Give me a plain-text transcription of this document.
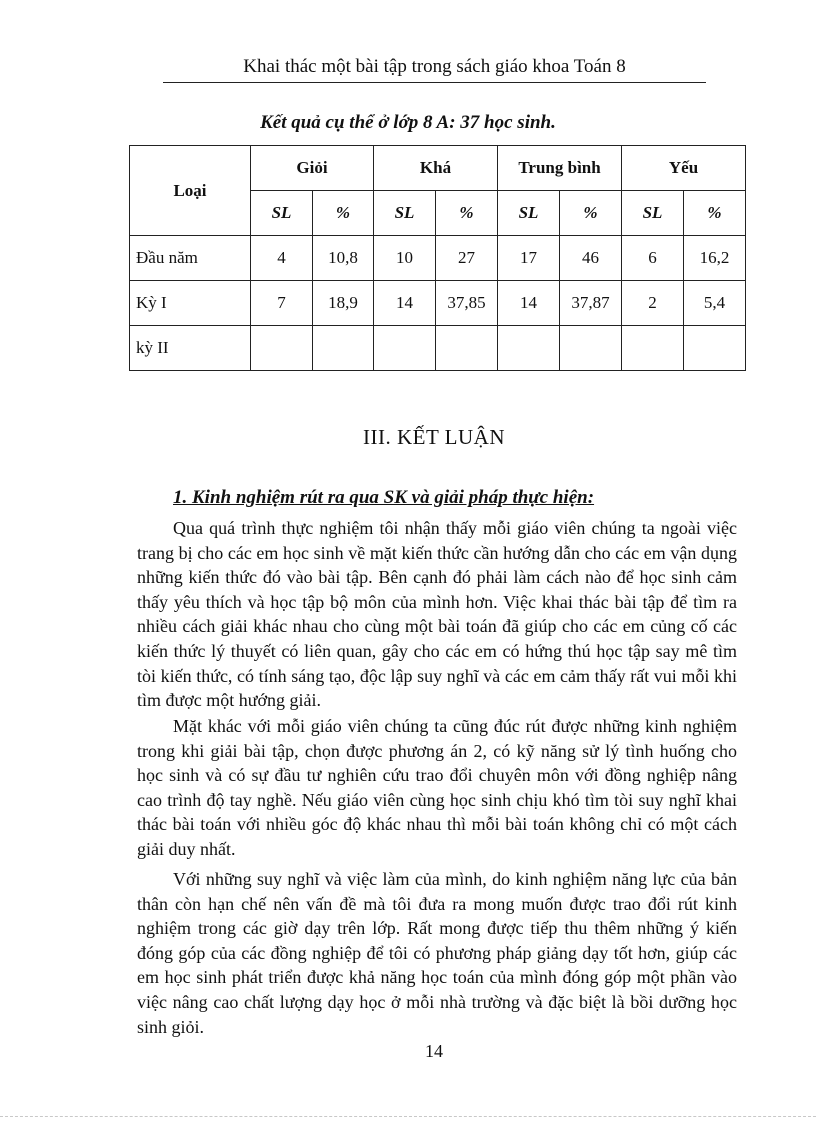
Khai thác một bài tập trong sách giáo khoa Toán 8
Kết quả cụ thể ở lớp 8 A: 37 học sinh.
Loại	Giỏi		Khá		Trung bình		Yếu	
	SL	%	SL	%	SL	%	SL	%
Đầu năm	4	10,8	10	27	17	46	6	16,2
Kỳ I	7	18,9	14	37,85	14	37,87	2	5,4
kỳ II								
III. KẾT LUẬN
1. Kinh nghiệm rút ra qua SK và giải pháp thực hiện:

Qua quá trình thực nghiệm tôi nhận thấy mỗi giáo viên chúng ta ngoài việc trang bị cho các em học sinh về mặt kiến thức cần hướng dẫn cho các em vận dụng những kiến thức đó vào bài tập. Bên cạnh đó phải làm cách nào để học sinh cảm thấy yêu thích và học tập bộ môn của mình hơn. Việc khai thác bài tập để tìm ra nhiều cách giải khác nhau cho cùng một bài toán đã giúp cho các em củng cố các kiến thức lý thuyết có liên quan, gây cho các em có hứng thú học tập say mê tìm tòi kiến thức, có tính sáng tạo, độc lập suy nghĩ và các em cảm thấy rất vui mỗi khi tìm được một hướng giải.

Mặt khác với mỗi giáo viên chúng ta cũng đúc rút được những kinh nghiệm trong khi giải bài tập, chọn được phương án 2, có kỹ năng sử lý tình huống cho học sinh và có sự đầu tư nghiên cứu trao đổi chuyên môn với đồng nghiệp nâng cao trình độ tay nghề. Nếu giáo viên cùng học sinh chịu khó tìm tòi suy nghĩ khai thác bài toán với nhiều góc độ khác nhau thì mỗi bài toán không chỉ có một cách giải duy nhất.

Với những suy nghĩ và việc làm của mình, do kinh nghiệm năng lực của bản thân còn hạn chế nên vấn đề mà tôi đưa ra mong muốn được trao đổi rút kinh nghiệm trong các giờ dạy trên lớp. Rất mong được tiếp thu thêm những ý kiến đóng góp của các đồng nghiệp để tôi có phương pháp giảng dạy tốt hơn, giúp các em học sinh phát triển được khả năng học toán của mình đóng góp một phần vào việc nâng cao chất lượng dạy học ở mỗi nhà trường và đặc biệt là bồi dưỡng học sinh giỏi.

14
